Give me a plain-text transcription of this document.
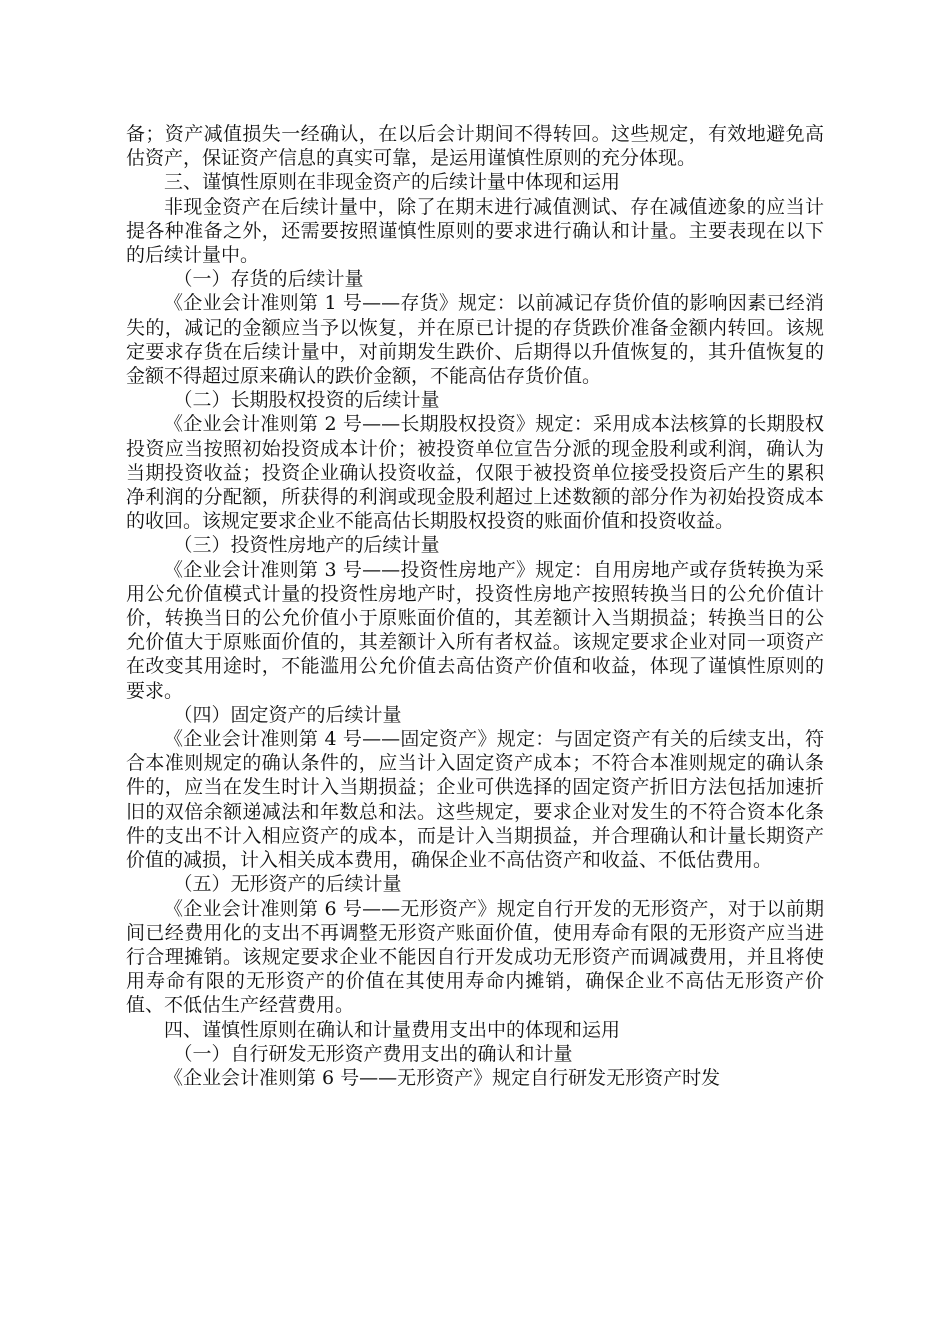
备；资产减值损失一经确认，在以后会计期间不得转回。这些规定，有效地避免高估资产，保证资产信息的真实可靠，是运用谨慎性原则的充分体现。

三、谨慎性原则在非现金资产的后续计量中体现和运用

非现金资产在后续计量中，除了在期末进行减值测试、存在减值迹象的应当计提各种准备之外，还需要按照谨慎性原则的要求进行确认和计量。主要表现在以下的后续计量中。

（一）存货的后续计量

《企业会计准则第 1 号——存货》规定：以前减记存货价值的影响因素已经消失的，减记的金额应当予以恢复，并在原已计提的存货跌价准备金额内转回。该规定要求存货在后续计量中，对前期发生跌价、后期得以升值恢复的，其升值恢复的金额不得超过原来确认的跌价金额，不能高估存货价值。

（二）长期股权投资的后续计量

《企业会计准则第 2 号——长期股权投资》规定：采用成本法核算的长期股权投资应当按照初始投资成本计价；被投资单位宣告分派的现金股利或利润，确认为当期投资收益；投资企业确认投资收益，仅限于被投资单位接受投资后产生的累积净利润的分配额，所获得的利润或现金股利超过上述数额的部分作为初始投资成本的收回。该规定要求企业不能高估长期股权投资的账面价值和投资收益。

（三）投资性房地产的后续计量

《企业会计准则第 3 号——投资性房地产》规定：自用房地产或存货转换为采用公允价值模式计量的投资性房地产时，投资性房地产按照转换当日的公允价值计价，转换当日的公允价值小于原账面价值的，其差额计入当期损益；转换当日的公允价值大于原账面价值的，其差额计入所有者权益。该规定要求企业对同一项资产在改变其用途时，不能滥用公允价值去高估资产价值和收益，体现了谨慎性原则的要求。

（四）固定资产的后续计量

《企业会计准则第 4 号——固定资产》规定：与固定资产有关的后续支出，符合本准则规定的确认条件的，应当计入固定资产成本；不符合本准则规定的确认条件的，应当在发生时计入当期损益；企业可供选择的固定资产折旧方法包括加速折旧的双倍余额递减法和年数总和法。这些规定，要求企业对发生的不符合资本化条件的支出不计入相应资产的成本，而是计入当期损益，并合理确认和计量长期资产价值的减损，计入相关成本费用，确保企业不高估资产和收益、不低估费用。

（五）无形资产的后续计量

《企业会计准则第 6 号——无形资产》规定自行开发的无形资产，对于以前期间已经费用化的支出不再调整无形资产账面价值，使用寿命有限的无形资产应当进行合理摊销。该规定要求企业不能因自行开发成功无形资产而调减费用，并且将使用寿命有限的无形资产的价值在其使用寿命内摊销，确保企业不高估无形资产价值、不低估生产经营费用。

四、谨慎性原则在确认和计量费用支出中的体现和运用

（一）自行研发无形资产费用支出的确认和计量

《企业会计准则第 6 号——无形资产》规定自行研发无形资产时发
